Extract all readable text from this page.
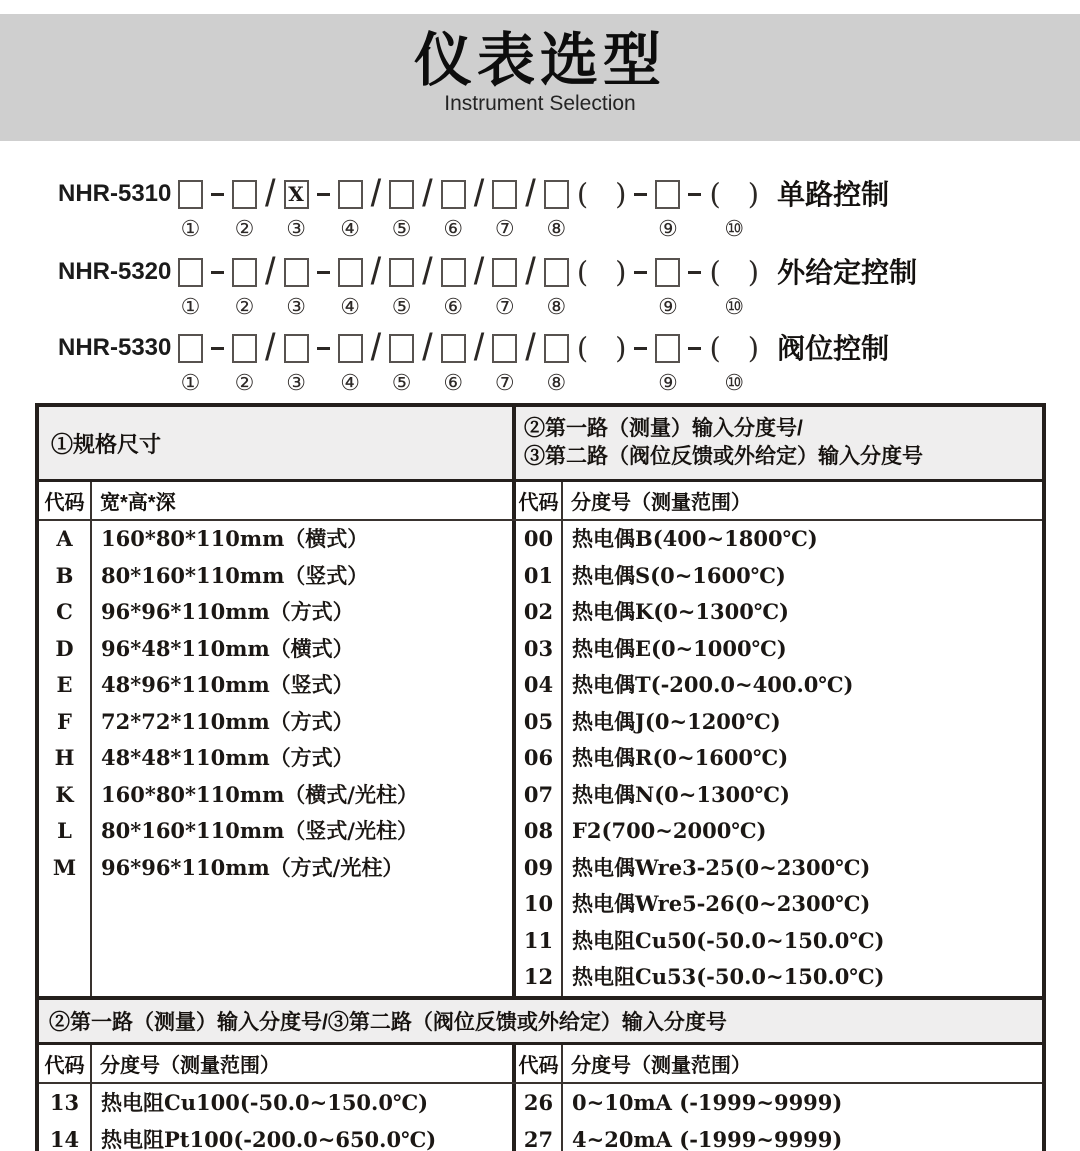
仪表选型
Instrument Selection
NHR-5310
①
②
/
X
③
④
/

⑤
/

⑥
/

⑦
/

⑧
( )

⑨

( )
⑩
单路控制
NHR-5320
①
②
/

③
④
/

⑤
/

⑥
/

⑦
/

⑧
( )

⑨

( )
⑩
外给定控制
NHR-5330
①
②
/

③
④
/

⑤
/

⑥
/

⑦
/

⑧
( )

⑨

( )
⑩
阀位控制
①规格尺寸
②第一路（测量）输入分度号/
③第二路（阀位反馈或外给定）输入分度号
代码 宽*高*深	代码 分度号（测量范围）
A
B
C
D
E
F
H
K
L
M
160*80*110mm（横式）
80*160*110mm（竖式）
96*96*110mm（方式）
96*48*110mm（横式）
48*96*110mm（竖式）
72*72*110mm（方式）
48*48*110mm（方式）
160*80*110mm（横式/光柱）
80*160*110mm（竖式/光柱）
96*96*110mm（方式/光柱）
00
01
02
03
04
05
06
07
08
09
10
11
12
热电偶B(400~1800℃)
热电偶S(0~1600℃)
热电偶K(0~1300℃)
热电偶E(0~1000℃)
热电偶T(-200.0~400.0℃)
热电偶J(0~1200℃)
热电偶R(0~1600℃)
热电偶N(0~1300℃)
F2(700~2000℃)
热电偶Wre3-25(0~2300℃)
热电偶Wre5-26(0~2300℃)
热电阻Cu50(-50.0~150.0℃)
热电阻Cu53(-50.0~150.0℃)
②第一路（测量）输入分度号/③第二路（阀位反馈或外给定）输入分度号
代码 分度号（测量范围）	代码 分度号（测量范围）
13
14
热电阻Cu100(-50.0~150.0℃)
热电阻Pt100(-200.0~650.0℃)
26
27
0~10mA (-1999~9999)
4~20mA (-1999~9999)
